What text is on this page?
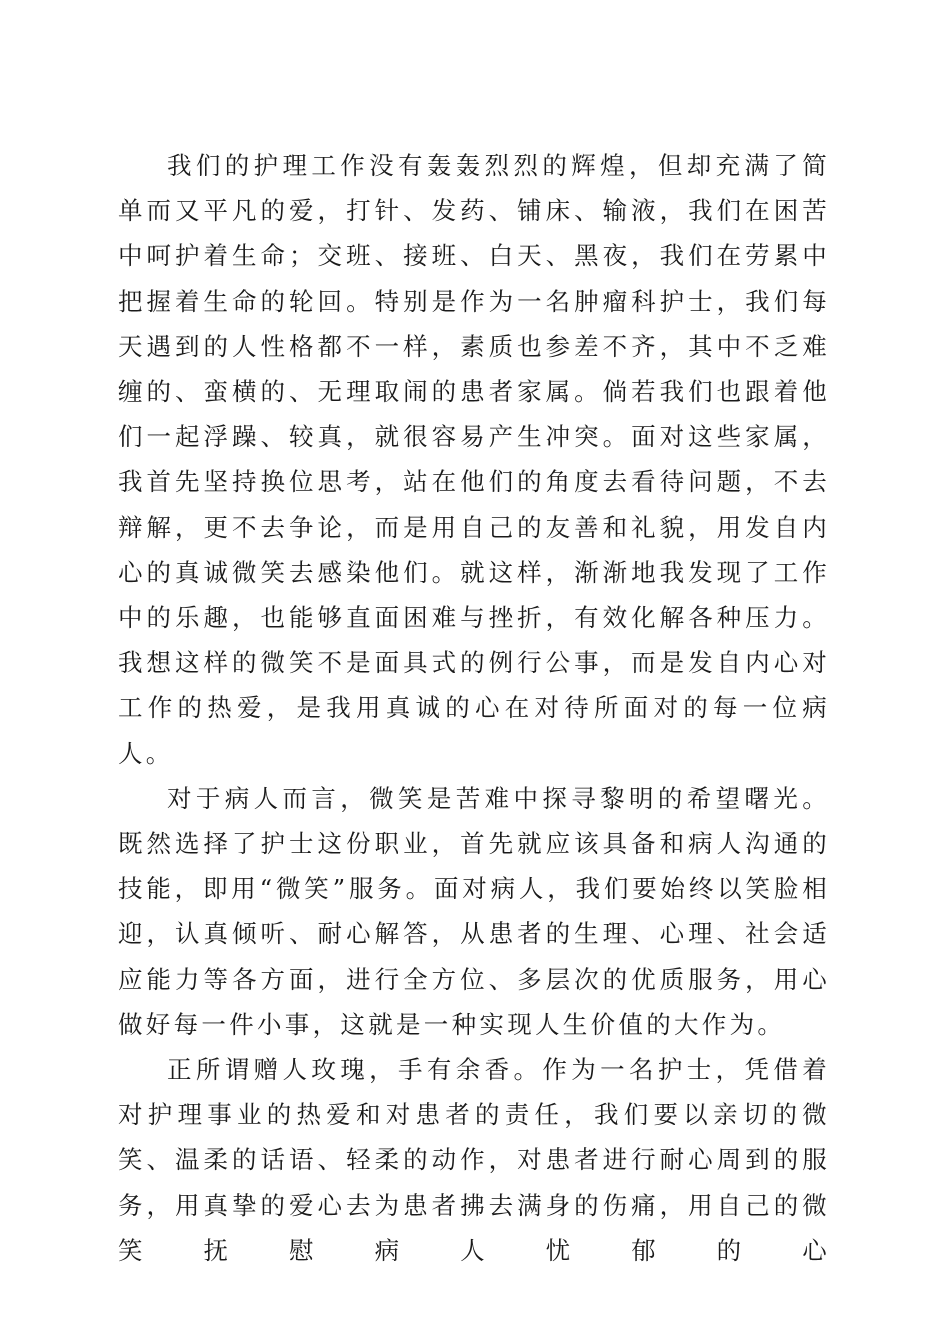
我们的护理工作没有轰轰烈烈的辉煌，但却充满了简单而又平凡的爱，打针、发药、铺床、输液，我们在困苦中呵护着生命；交班、接班、白天、黑夜，我们在劳累中把握着生命的轮回。特别是作为一名肿瘤科护士，我们每天遇到的人性格都不一样，素质也参差不齐，其中不乏难缠的、蛮横的、无理取闹的患者家属。倘若我们也跟着他们一起浮躁、较真，就很容易产生冲突。面对这些家属，我首先坚持换位思考，站在他们的角度去看待问题，不去辩解，更不去争论，而是用自己的友善和礼貌，用发自内心的真诚微笑去感染他们。就这样，渐渐地我发现了工作中的乐趣，也能够直面困难与挫折，有效化解各种压力。我想这样的微笑不是面具式的例行公事，而是发自内心对工作的热爱，是我用真诚的心在对待所面对的每一位病人。

对于病人而言，微笑是苦难中探寻黎明的希望曙光。既然选择了护士这份职业，首先就应该具备和病人沟通的技能，即用“微笑”服务。面对病人，我们要始终以笑脸相迎，认真倾听、耐心解答，从患者的生理、心理、社会适应能力等各方面，进行全方位、多层次的优质服务，用心做好每一件小事，这就是一种实现人生价值的大作为。

正所谓赠人玫瑰，手有余香。作为一名护士，凭借着对护理事业的热爱和对患者的责任，我们要以亲切的微笑、温柔的话语、轻柔的动作，对患者进行耐心周到的服务，用真挚的爱心去为患者拂去满身的伤痛，用自己的微笑抚慰病人忧郁的心
